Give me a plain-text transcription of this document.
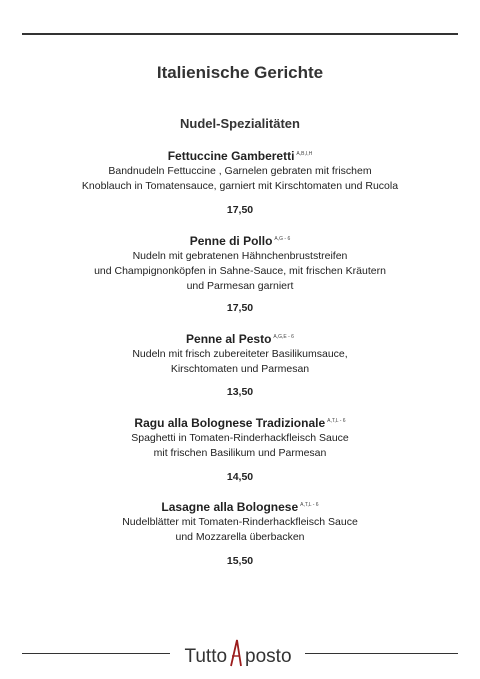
Italienische Gerichte
Nudel-Spezialitäten
Fettuccine Gamberetti $^{A,B,I,H}$
Bandnudeln Fettuccine , Garnelen gebraten mit frischem
Knoblauch in Tomatensauce, garniert mit Kirschtomaten und Rucola
17,50
Penne di Pollo $^{A,G - 6}$
Nudeln mit gebratenen Hähnchenbruststreifen
und Champignonköpfen in Sahne-Sauce, mit frischen Kräutern
und Parmesan garniert
17,50
Penne al Pesto $^{A,G,E - 6}$
Nudeln mit frisch zubereiteter Basilikumsauce,
Kirschtomaten und Parmesan
13,50
Ragu alla Bolognese Tradizionale $^{A,T,L - 6}$
Spaghetti in Tomaten-Rinderhackfleisch Sauce
mit frischen Basilikum und Parmesan
14,50
Lasagne alla Bolognese $^{A,T,L - 6}$
Nudelblätter mit Tomaten-Rinderhackfleisch Sauce
und Mozzarella überbacken
15,50
Tutto posto
